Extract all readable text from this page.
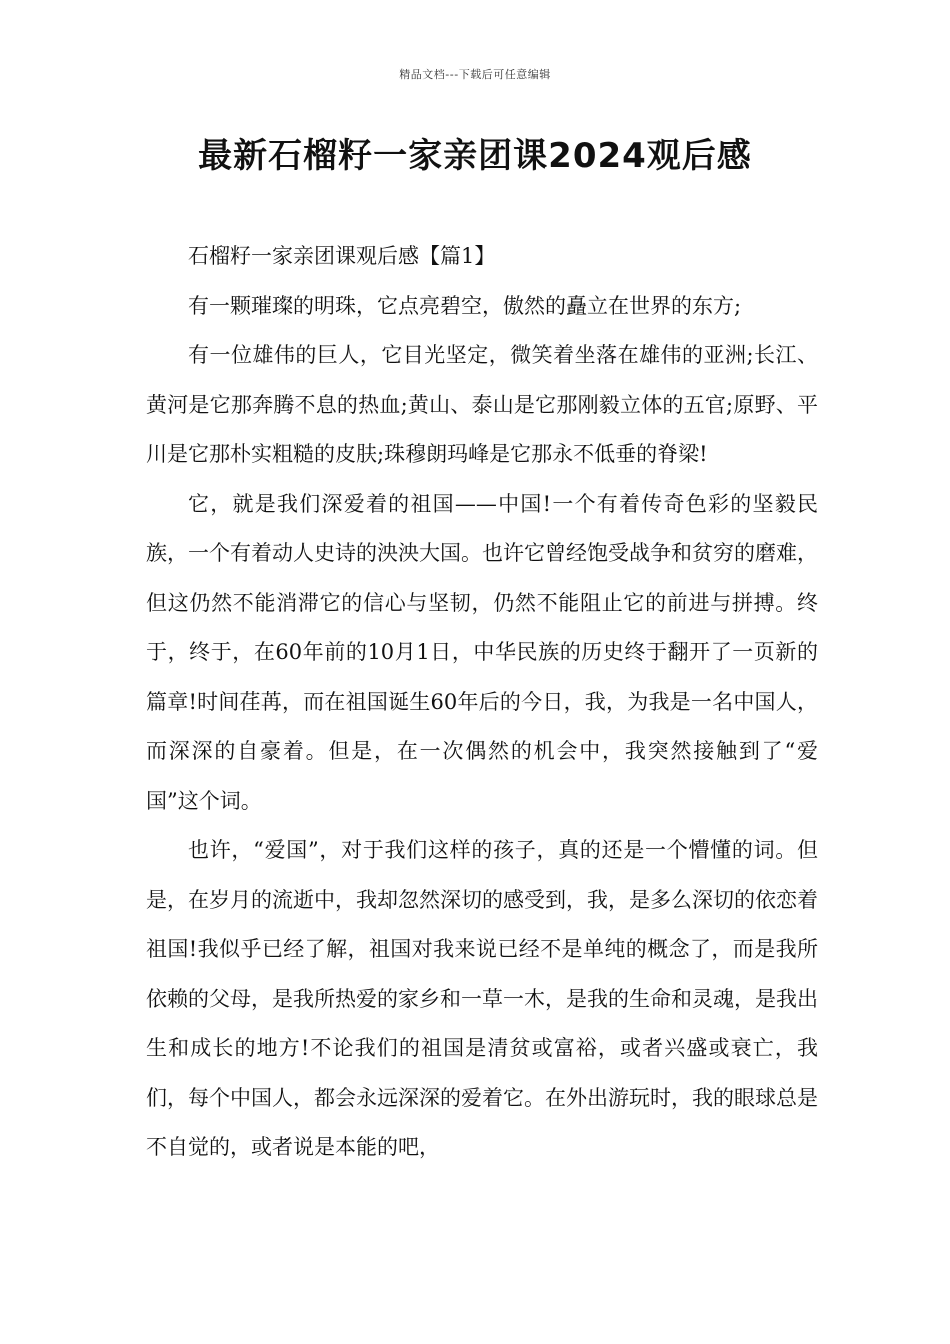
精品文档---下载后可任意编辑
最新石榴籽一家亲团课2024观后感

石榴籽一家亲团课观后感【篇1】

有一颗璀璨的明珠，它点亮碧空，傲然的矗立在世界的东方;

有一位雄伟的巨人，它目光坚定，微笑着坐落在雄伟的亚洲;长江、黄河是它那奔腾不息的热血;黄山、泰山是它那刚毅立体的五官;原野、平川是它那朴实粗糙的皮肤;珠穆朗玛峰是它那永不低垂的脊梁!

它，就是我们深爱着的祖国——中国!一个有着传奇色彩的坚毅民族，一个有着动人史诗的泱泱大国。也许它曾经饱受战争和贫穷的磨难，但这仍然不能消滞它的信心与坚韧，仍然不能阻止它的前进与拼搏。终于，终于，在60年前的10月1日，中华民族的历史终于翻开了一页新的篇章!时间荏苒，而在祖国诞生60年后的今日，我，为我是一名中国人，而深深的自豪着。但是，在一次偶然的机会中，我突然接触到了“爱国”这个词。

也许，“爱国”，对于我们这样的孩子，真的还是一个懵懂的词。但是，在岁月的流逝中，我却忽然深切的感受到，我，是多么深切的依恋着祖国!我似乎已经了解，祖国对我来说已经不是单纯的概念了，而是我所依赖的父母，是我所热爱的家乡和一草一木，是我的生命和灵魂，是我出生和成长的地方!不论我们的祖国是清贫或富裕，或者兴盛或衰亡，我们，每个中国人，都会永远深深的爱着它。在外出游玩时，我的眼球总是不自觉的，或者说是本能的吧，
